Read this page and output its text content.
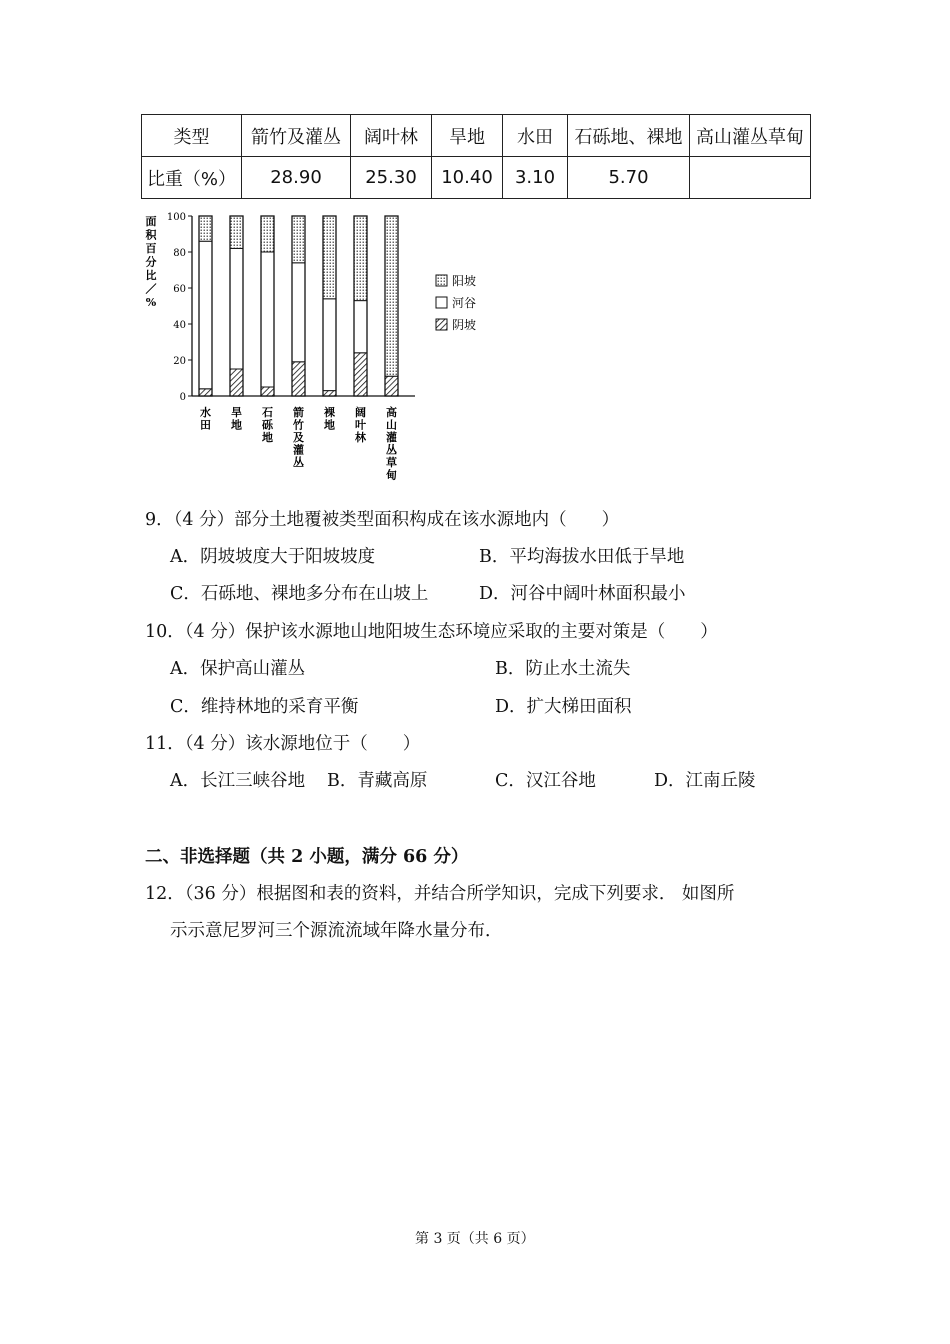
类型	箭竹及灌丛	阔叶林	旱地	水田	石砾地、裸地	高山灌丛草甸
比重（%）	28.90	25.30	10.40	3.10	5.70	
面
积
百
分
比
／
%
100
80
60
40
20
0
水
田
旱
地
石
砾
地
箭
竹
及
灌
丛
裸
地
阔
叶
林
高
山
灌
丛
草
甸
阳坡
河谷
阴坡
9．（4 分）部分土地覆被类型面积构成在该水源地内（　　）
A．阴坡坡度大于阳坡坡度	B．平均海拔水田低于旱地
C．石砾地、裸地多分布在山坡上	D．河谷中阔叶林面积最小
10．（4 分）保护该水源地山地阳坡生态环境应采取的主要对策是（　　）
A．保护高山灌丛	B．防止水土流失
C．维持林地的采育平衡	D．扩大梯田面积
11．（4 分）该水源地位于（　　）
A．长江三峡谷地 B．青藏高原	C．汉江谷地	D．江南丘陵
二、非选择题（共 2 小题，满分 66 分）
12．（36 分）根据图和表的资料，并结合所学知识，完成下列要求． 如图所
示示意尼罗河三个源流流域年降水量分布．
第 3 页（共 6 页）
